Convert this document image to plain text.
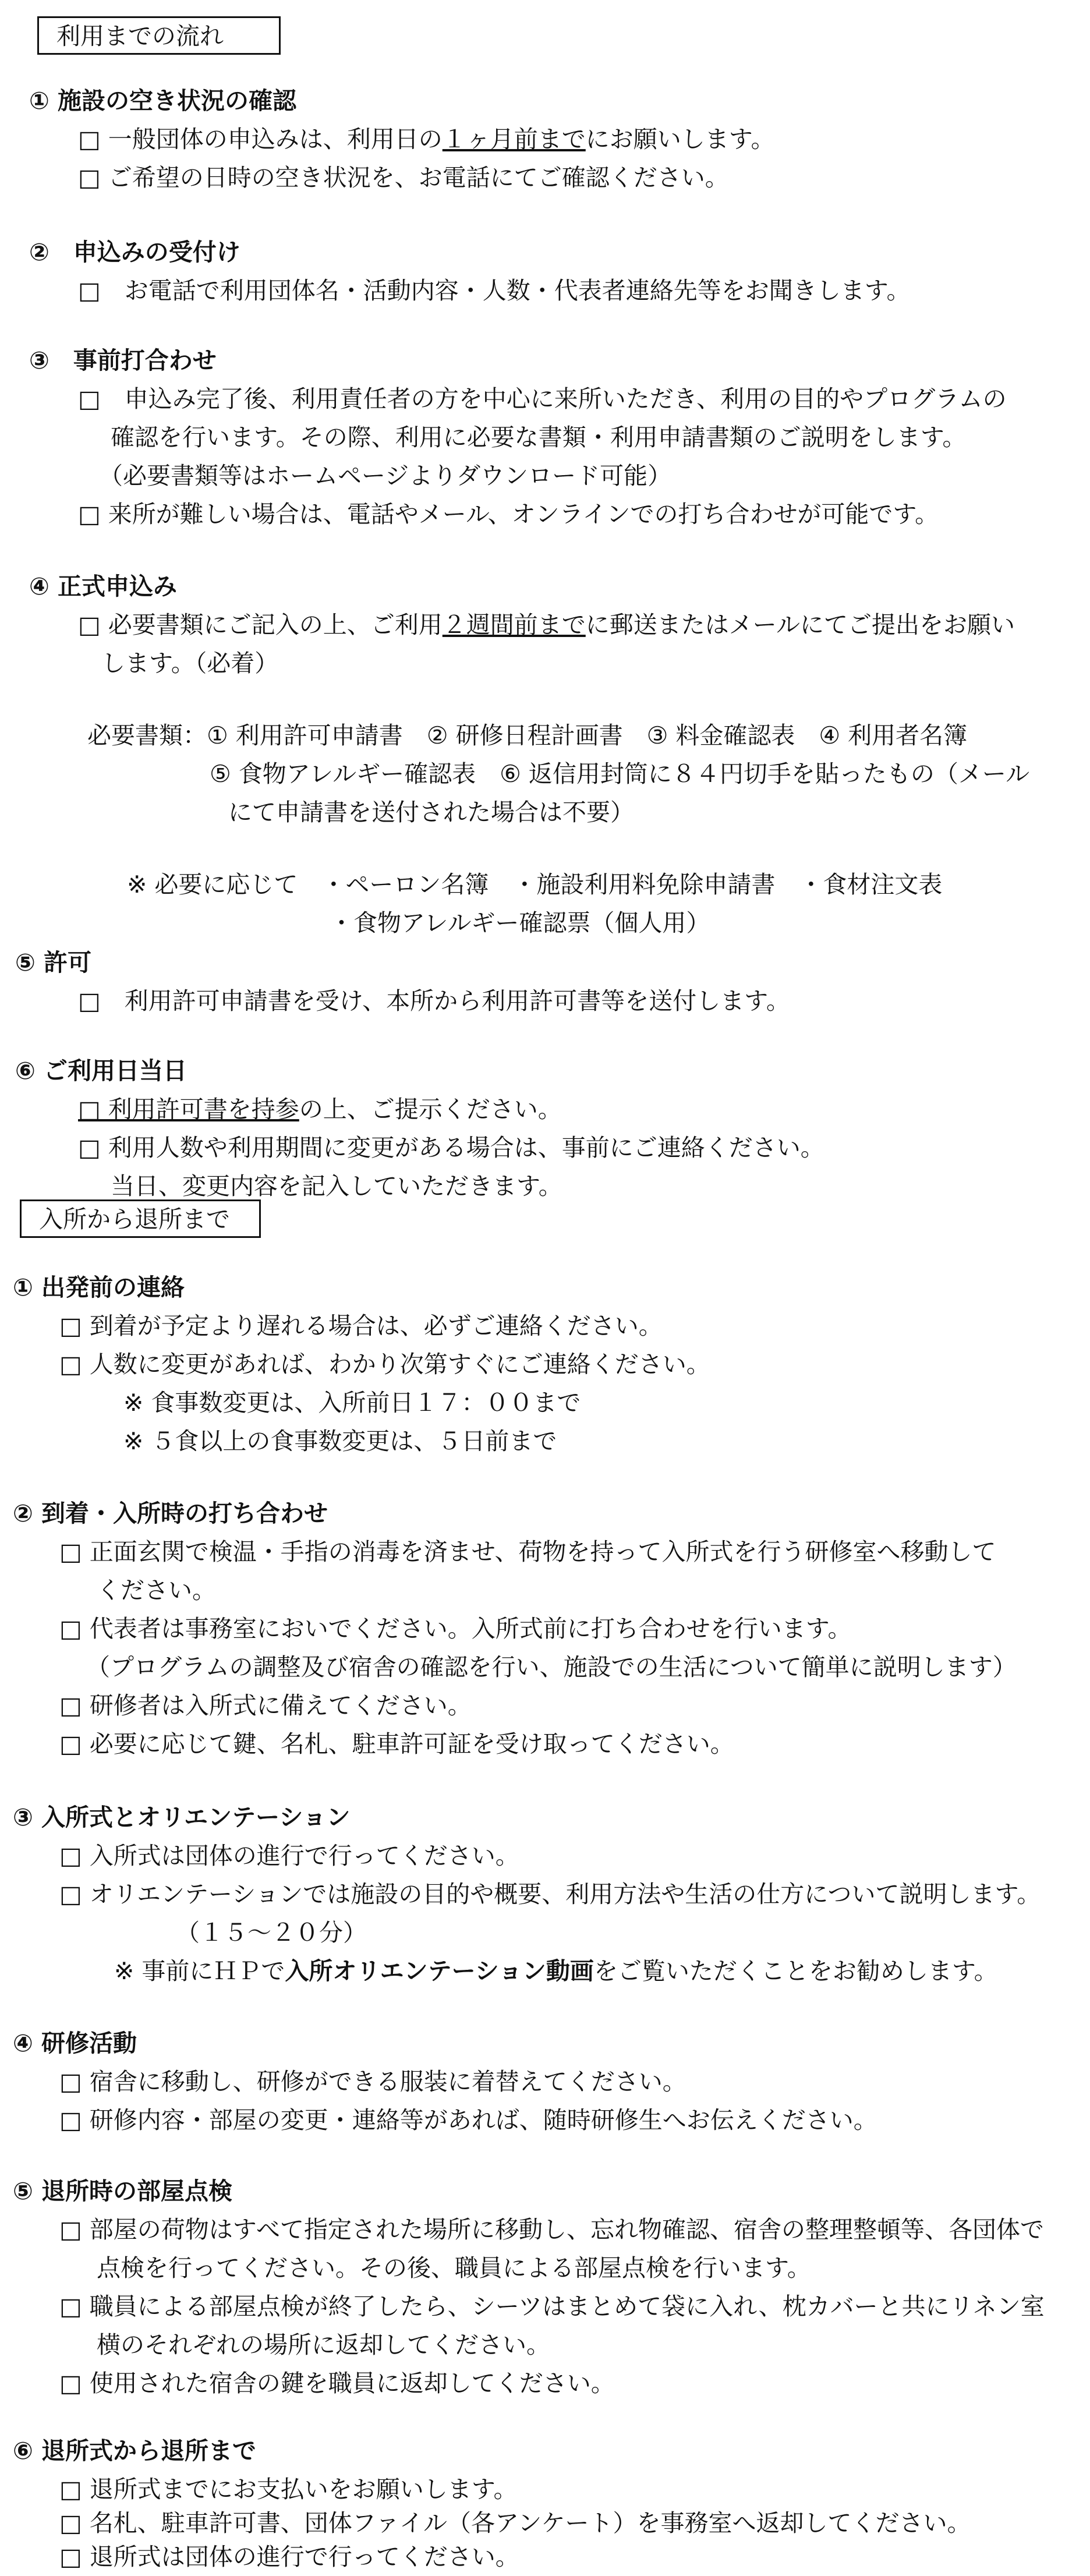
利用までの流れ
① 施設の空き状況の確認
□ 一般団体の申込みは、利用日の１ヶ月前までにお願いします。
□ ご希望の日時の空き状況を、お電話にてご確認ください。
②　申込みの受付け
□　お電話で利用団体名・活動内容・人数・代表者連絡先等をお聞きします。
③　事前打合わせ
□　申込み完了後、利用責任者の方を中心に来所いただき、利用の目的やプログラムの
確認を行います。その際、利用に必要な書類・利用申請書類のご説明をします。
（必要書類等はホームページよりダウンロード可能）
□ 来所が難しい場合は、電話やメール、オンラインでの打ち合わせが可能です。
④ 正式申込み
□ 必要書類にご記入の上、ご利用２週間前までに郵送またはメールにてご提出をお願い
します。（必着）
必要書類：① 利用許可申請書　② 研修日程計画書　③ 料金確認表　④ 利用者名簿
⑤ 食物アレルギー確認表　⑥ 返信用封筒に８４円切手を貼ったもの（メール
にて申請書を送付された場合は不要）
※ 必要に応じて　・ペーロン名簿　・施設利用料免除申請書　・食材注文表
・食物アレルギー確認票（個人用）
⑤ 許可
□　利用許可申請書を受け、本所から利用許可書等を送付します。
⑥ ご利用日当日
□ 利用許可書を持参の上、ご提示ください。
□ 利用人数や利用期間に変更がある場合は、事前にご連絡ください。
当日、変更内容を記入していただきます。
入所から退所まで
① 出発前の連絡
□ 到着が予定より遅れる場合は、必ずご連絡ください。
□ 人数に変更があれば、わかり次第すぐにご連絡ください。
※ 食事数変更は、入所前日１７：００まで
※ ５食以上の食事数変更は、５日前まで
② 到着・入所時の打ち合わせ
□ 正面玄関で検温・手指の消毒を済ませ、荷物を持って入所式を行う研修室へ移動して
ください。
□ 代表者は事務室においでください。入所式前に打ち合わせを行います。
（プログラムの調整及び宿舎の確認を行い、施設での生活について簡単に説明します）
□ 研修者は入所式に備えてください。
□ 必要に応じて鍵、名札、駐車許可証を受け取ってください。
③ 入所式とオリエンテーション
□ 入所式は団体の進行で行ってください。
□ オリエンテーションでは施設の目的や概要、利用方法や生活の仕方について説明します。
（１５～２０分）
※ 事前にＨＰで入所オリエンテーション動画をご覧いただくことをお勧めします。
④ 研修活動
□ 宿舎に移動し、研修ができる服装に着替えてください。
□ 研修内容・部屋の変更・連絡等があれば、随時研修生へお伝えください。
⑤ 退所時の部屋点検
□ 部屋の荷物はすべて指定された場所に移動し、忘れ物確認、宿舎の整理整頓等、各団体で
点検を行ってください。その後、職員による部屋点検を行います。
□ 職員による部屋点検が終了したら、シーツはまとめて袋に入れ、枕カバーと共にリネン室
横のそれぞれの場所に返却してください。
□ 使用された宿舎の鍵を職員に返却してください。
⑥ 退所式から退所まで
□ 退所式までにお支払いをお願いします。
□ 名札、駐車許可書、団体ファイル（各アンケート）を事務室へ返却してください。
□ 退所式は団体の進行で行ってください。
